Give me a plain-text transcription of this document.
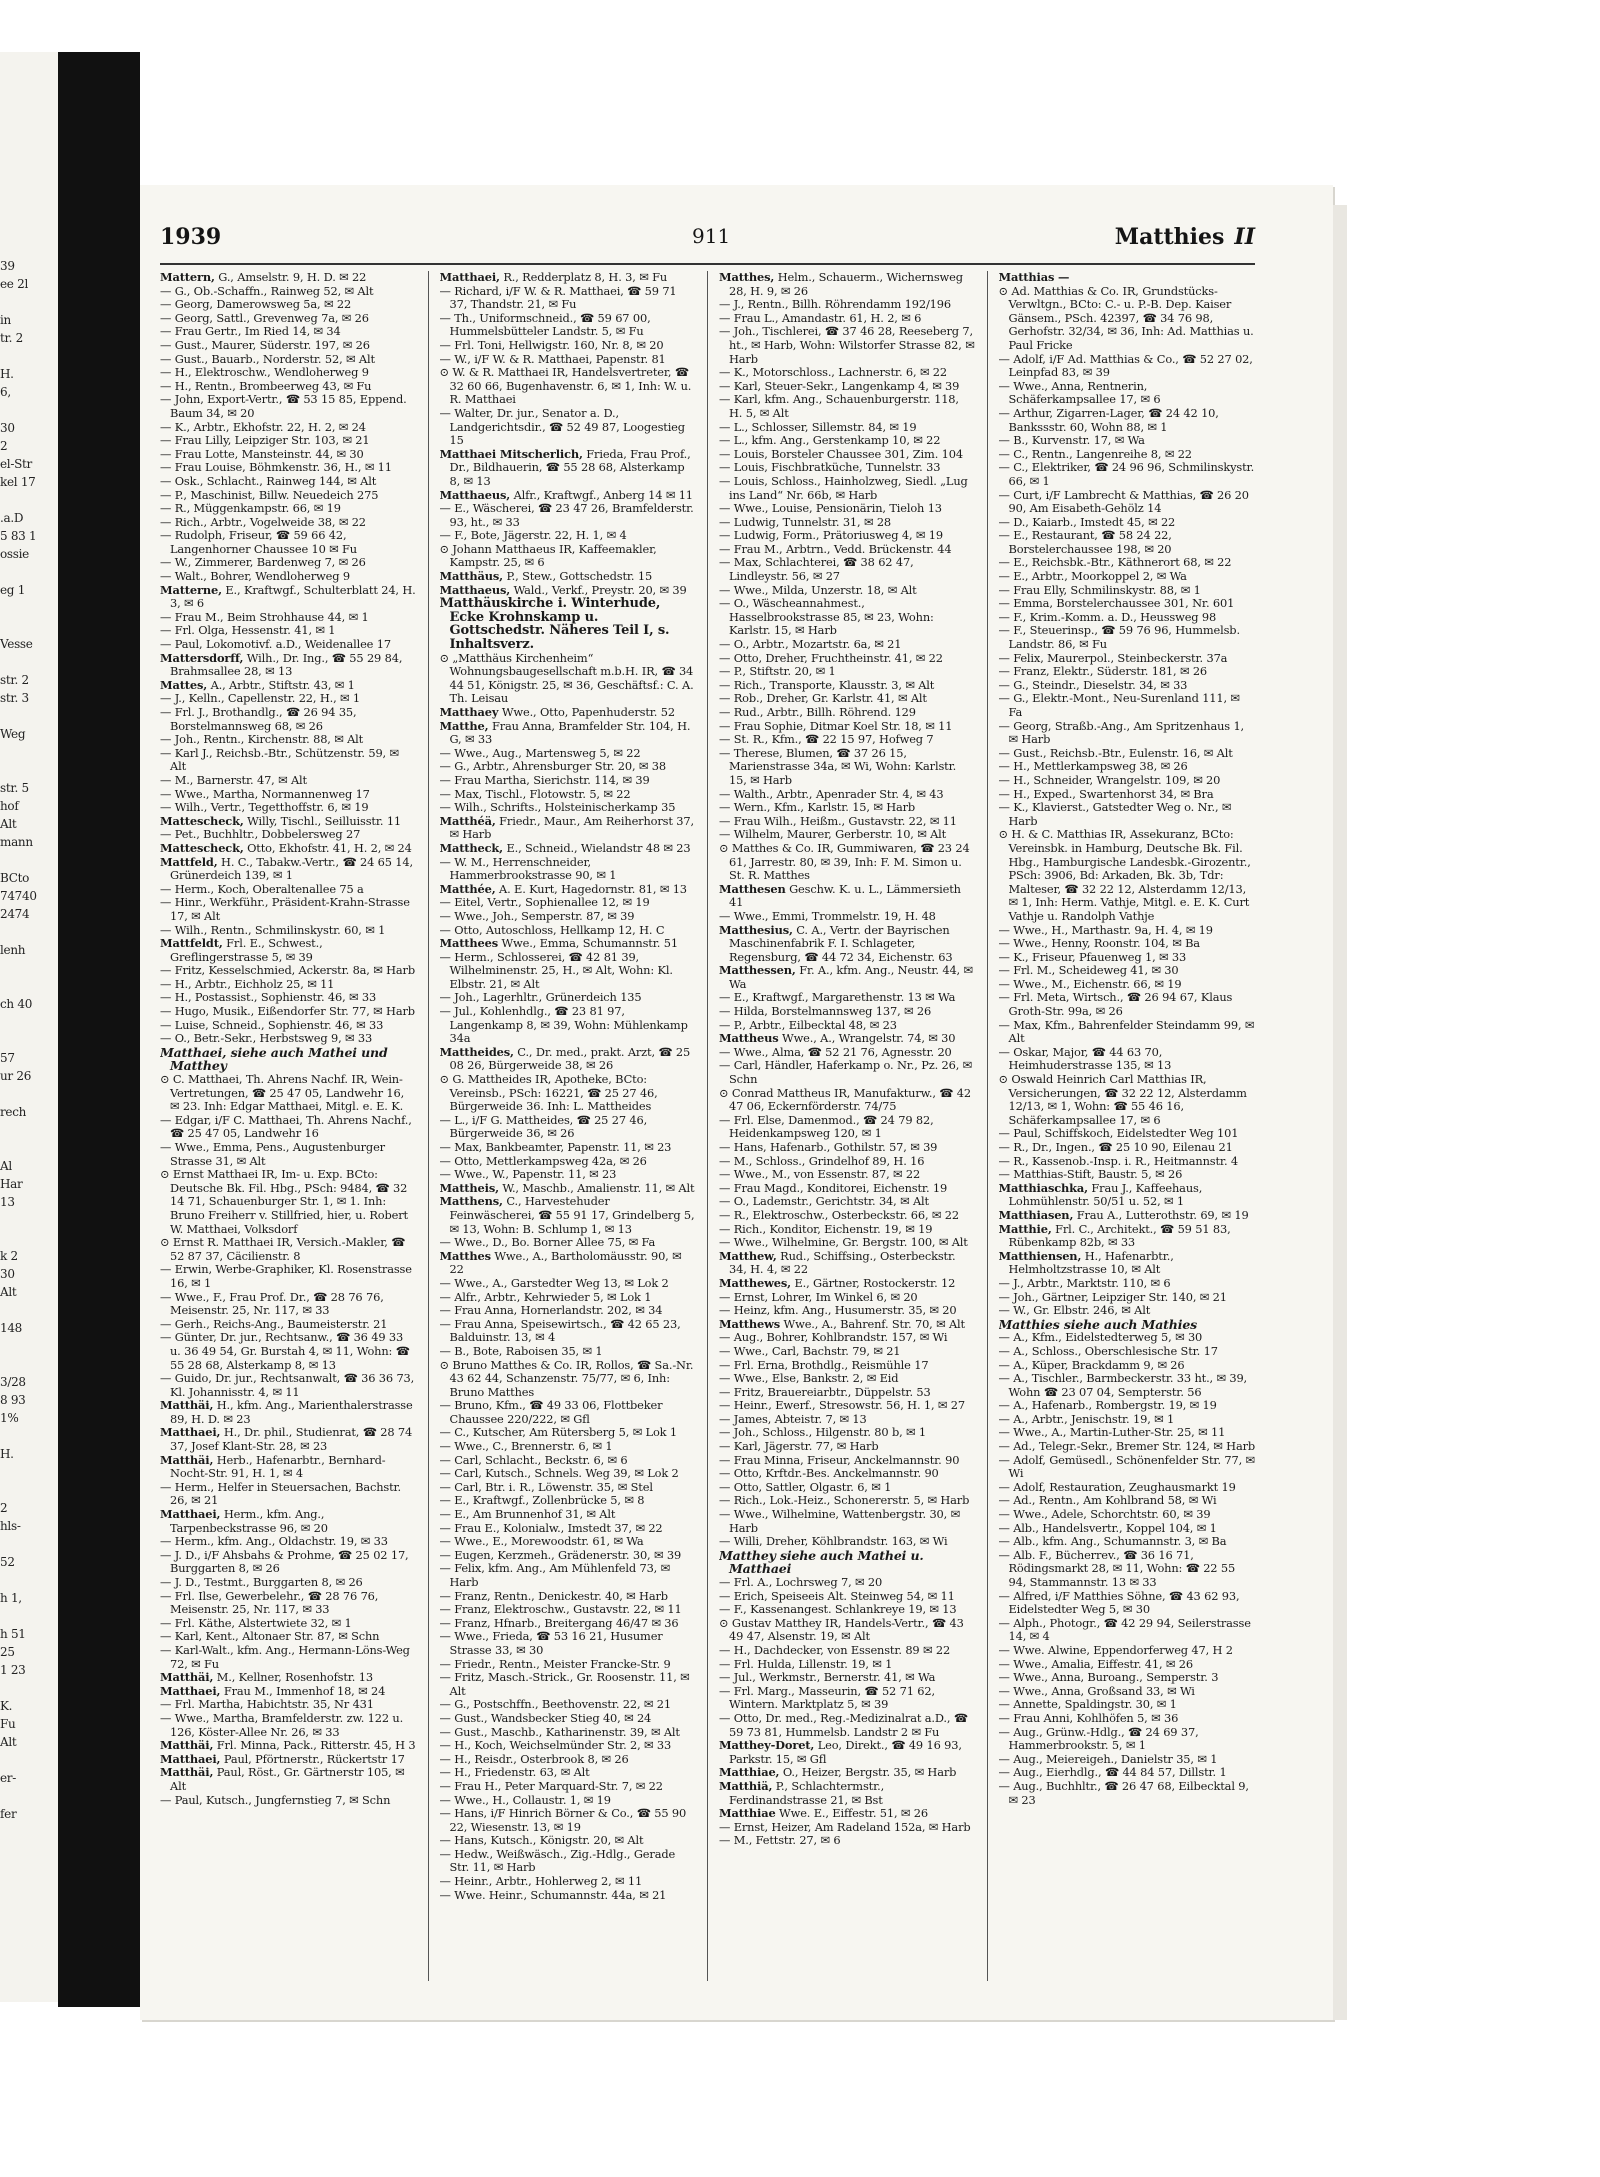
39
ee 2l

in
tr. 2

H.
6,

30
2
el-Str
kel 17

.a.D
5 83 1
ossie

eg 1

Vesse

str. 2
str. 3

Weg

str. 5
hof
Alt
mann

BCto
74740
2474

lenh

ch 40

57
ur 26

rech

Al
Har
13

k 2
30
Alt

148

3/28
8 93
1%

H.

2
hls-

52

h 1,

h 51
25
1 23

K.
Fu
Alt

er-

fer
1939	911	Matthies II

Mattern, G., Amselstr. 9, H. D. ✉ 22

— G., Ob.-Schaffn., Rainweg 52, ✉ Alt

— Georg, Damerowsweg 5a, ✉ 22

— Georg, Sattl., Grevenweg 7a, ✉ 26

— Frau Gertr., Im Ried 14, ✉ 34

— Gust., Maurer, Süderstr. 197, ✉ 26

— Gust., Bauarb., Norderstr. 52, ✉ Alt

— H., Elektroschw., Wendloherweg 9

— H., Rentn., Brombeerweg 43, ✉ Fu

— John, Export-Vertr., ☎ 53 15 85, Eppend. Baum 34, ✉ 20

— K., Arbtr., Ekhofstr. 22, H. 2, ✉ 24

— Frau Lilly, Leipziger Str. 103, ✉ 21

— Frau Lotte, Mansteinstr. 44, ✉ 30

— Frau Louise, Böhmkenstr. 36, H., ✉ 11

— Osk., Schlacht., Rainweg 144, ✉ Alt

— P., Maschinist, Billw. Neuedeich 275

— R., Müggenkampstr. 66, ✉ 19

— Rich., Arbtr., Vogelweide 38, ✉ 22

— Rudolph, Friseur, ☎ 59 66 42, Langenhorner Chaussee 10 ✉ Fu

— W., Zimmerer, Bardenweg 7, ✉ 26

— Walt., Bohrer, Wendloherweg 9

Matterne, E., Kraftwgf., Schulterblatt 24, H. 3, ✉ 6

— Frau M., Beim Strohhause 44, ✉ 1

— Frl. Olga, Hessenstr. 41, ✉ 1

— Paul, Lokomotivf. a.D., Weidenallee 17

Mattersdorff, Wilh., Dr. Ing., ☎ 55 29 84, Brahmsallee 28, ✉ 13

Mattes, A., Arbtr., Stiftstr. 43, ✉ 1

— J., Kelln., Capellenstr. 22, H., ✉ 1

— Frl. J., Brothandlg., ☎ 26 94 35, Borstelmannsweg 68, ✉ 26

— Joh., Rentn., Kirchenstr. 88, ✉ Alt

— Karl J., Reichsb.-Btr., Schützenstr. 59, ✉ Alt

— M., Barnerstr. 47, ✉ Alt

— Wwe., Martha, Normannenweg 17

— Wilh., Vertr., Tegetthoffstr. 6, ✉ 19

Mattescheck, Willy, Tischl., Seilluisstr. 11

— Pet., Buchhltr., Dobbelersweg 27

Mattescheck, Otto, Ekhofstr. 41, H. 2, ✉ 24

Mattfeld, H. C., Tabakw.-Vertr., ☎ 24 65 14, Grünerdeich 139, ✉ 1

— Herm., Koch, Oberaltenallee 75 a

— Hinr., Werkführ., Präsident-Krahn-Strasse 17, ✉ Alt

— Wilh., Rentn., Schmilinskystr. 60, ✉ 1

Mattfeldt, Frl. E., Schwest., Greflingerstrasse 5, ✉ 39

— Fritz, Kesselschmied, Ackerstr. 8a, ✉ Harb

— H., Arbtr., Eichholz 25, ✉ 11

— H., Postassist., Sophienstr. 46, ✉ 33

— Hugo, Musik., Eißendorfer Str. 77, ✉ Harb

— Luise, Schneid., Sophienstr. 46, ✉ 33

— O., Betr.-Sekr., Herbstsweg 9, ✉ 33

Matthaei, siehe auch Mathei und Matthey

⊙ C. Matthaei, Th. Ahrens Nachf. IR, Wein-Vertretungen, ☎ 25 47 05, Landwehr 16, ✉ 23. Inh: Edgar Matthaei, Mitgl. e. E. K.

— Edgar, i/F C. Matthaei, Th. Ahrens Nachf., ☎ 25 47 05, Landwehr 16

— Wwe., Emma, Pens., Augustenburger Strasse 31, ✉ Alt

⊙ Ernst Matthaei IR, Im- u. Exp. BCto: Deutsche Bk. Fil. Hbg., PSch: 9484, ☎ 32 14 71, Schauenburger Str. 1, ✉ 1. Inh: Bruno Freiherr v. Stillfried, hier, u. Robert W. Matthaei, Volksdorf

⊙ Ernst R. Matthaei IR, Versich.-Makler, ☎ 52 87 37, Cäcilienstr. 8

— Erwin, Werbe-Graphiker, Kl. Rosenstrasse 16, ✉ 1

— Wwe., F., Frau Prof. Dr., ☎ 28 76 76, Meisenstr. 25, Nr. 117, ✉ 33

— Gerh., Reichs-Ang., Baumeisterstr. 21

— Günter, Dr. jur., Rechtsanw., ☎ 36 49 33 u. 36 49 54, Gr. Burstah 4, ✉ 11, Wohn: ☎ 55 28 68, Alsterkamp 8, ✉ 13

— Guido, Dr. jur., Rechtsanwalt, ☎ 36 36 73, Kl. Johannisstr. 4, ✉ 11

Matthäi, H., kfm. Ang., Marienthalerstrasse 89, H. D. ✉ 23

Matthaei, H., Dr. phil., Studienrat, ☎ 28 74 37, Josef Klant-Str. 28, ✉ 23

Matthäi, Herb., Hafenarbtr., Bernhard-Nocht-Str. 91, H. 1, ✉ 4

— Herm., Helfer in Steuersachen, Bachstr. 26, ✉ 21

Matthaei, Herm., kfm. Ang., Tarpenbeckstrasse 96, ✉ 20

— Herm., kfm. Ang., Oldachstr. 19, ✉ 33

— J. D., i/F Ahsbahs & Prohme, ☎ 25 02 17, Burggarten 8, ✉ 26

— J. D., Testmt., Burggarten 8, ✉ 26

— Frl. Ilse, Gewerbelehr., ☎ 28 76 76, Meisenstr. 25, Nr. 117, ✉ 33

— Frl. Käthe, Alstertwiete 32, ✉ 1

— Karl, Kent., Altonaer Str. 87, ✉ Schn

— Karl-Walt., kfm. Ang., Hermann-Löns-Weg 72, ✉ Fu

Matthäi, M., Kellner, Rosenhofstr. 13

Matthaei, Frau M., Immenhof 18, ✉ 24

— Frl. Martha, Habichtstr. 35, Nr 431

— Wwe., Martha, Bramfelderstr. zw. 122 u. 126, Köster-Allee Nr. 26, ✉ 33

Matthäi, Frl. Minna, Pack., Ritterstr. 45, H 3

Matthaei, Paul, Pförtnerstr., Rückertstr 17

Matthäi, Paul, Röst., Gr. Gärtnerstr 105, ✉ Alt

— Paul, Kutsch., Jungfernstieg 7, ✉ Schn

Matthaei, R., Redderplatz 8, H. 3, ✉ Fu

— Richard, i/F W. & R. Matthaei, ☎ 59 71 37, Thandstr. 21, ✉ Fu

— Th., Uniformschneid., ☎ 59 67 00, Hummelsbütteler Landstr. 5, ✉ Fu

— Frl. Toni, Hellwigstr. 160, Nr. 8, ✉ 20

— W., i/F W. & R. Matthaei, Papenstr. 81

⊙ W. & R. Matthaei IR, Handelsvertreter, ☎ 32 60 66, Bugenhavenstr. 6, ✉ 1, Inh: W. u. R. Matthaei

— Walter, Dr. jur., Senator a. D., Landgerichtsdir., ☎ 52 49 87, Loogestieg 15

Matthaei Mitscherlich, Frieda, Frau Prof., Dr., Bildhauerin, ☎ 55 28 68, Alsterkamp 8, ✉ 13

Matthaeus, Alfr., Kraftwgf., Anberg 14 ✉ 11

— E., Wäscherei, ☎ 23 47 26, Bramfelderstr. 93, ht., ✉ 33

— F., Bote, Jägerstr. 22, H. 1, ✉ 4

⊙ Johann Matthaeus IR, Kaffeemakler, Kampstr. 25, ✉ 6

Matthäus, P., Stew., Gottschedstr. 15

Matthaeus, Wald., Verkf., Preystr. 20, ✉ 39

Matthäuskirche i. Winterhude, Ecke Krohnskamp u. Gottschedstr. Näheres Teil I, s. Inhaltsverz.

⊙ „Matthäus Kirchenheim“ Wohnungsbaugesellschaft m.b.H. IR, ☎ 34 44 51, Königstr. 25, ✉ 36, Geschäftsf.: C. A. Th. Leisau

Matthaey Wwe., Otto, Papenhuderstr. 52

Matthe, Frau Anna, Bramfelder Str. 104, H. G, ✉ 33

— Wwe., Aug., Martensweg 5, ✉ 22

— G., Arbtr., Ahrensburger Str. 20, ✉ 38

— Frau Martha, Sierichstr. 114, ✉ 39

— Max, Tischl., Flotowstr. 5, ✉ 22

— Wilh., Schrifts., Holsteinischerkamp 35

Matthéä, Friedr., Maur., Am Reiherhorst 37, ✉ Harb

Mattheck, E., Schneid., Wielandstr 48 ✉ 23

— W. M., Herrenschneider, Hammerbrookstrasse 90, ✉ 1

Matthée, A. E. Kurt, Hagedornstr. 81, ✉ 13

— Eitel, Vertr., Sophienallee 12, ✉ 19

— Wwe., Joh., Semperstr. 87, ✉ 39

— Otto, Autoschloss, Hellkamp 12, H. C

Matthees Wwe., Emma, Schumannstr. 51

— Herm., Schlosserei, ☎ 42 81 39, Wilhelminenstr. 25, H., ✉ Alt, Wohn: Kl. Elbstr. 21, ✉ Alt

— Joh., Lagerhltr., Grünerdeich 135

— Jul., Kohlenhdlg., ☎ 23 81 97, Langenkamp 8, ✉ 39, Wohn: Mühlenkamp 34a

Mattheides, C., Dr. med., prakt. Arzt, ☎ 25 08 26, Bürgerweide 38, ✉ 26

⊙ G. Mattheides IR, Apotheke, BCto: Vereinsb., PSch: 16221, ☎ 25 27 46, Bürgerweide 36. Inh: L. Mattheides

— L., i/F G. Mattheides, ☎ 25 27 46, Bürgerweide 36, ✉ 26

— Max, Bankbeamter, Papenstr. 11, ✉ 23

— Otto, Mettlerkampsweg 42a, ✉ 26

— Wwe., W., Papenstr. 11, ✉ 23

Mattheis, W., Maschb., Amalienstr. 11, ✉ Alt

Matthens, C., Harvestehuder Feinwäscherei, ☎ 55 91 17, Grindelberg 5, ✉ 13, Wohn: B. Schlump 1, ✉ 13

— Wwe., D., Bo. Borner Allee 75, ✉ Fa

Matthes Wwe., A., Bartholomäusstr. 90, ✉ 22

— Wwe., A., Garstedter Weg 13, ✉ Lok 2

— Alfr., Arbtr., Kehrwieder 5, ✉ Lok 1

— Frau Anna, Hornerlandstr. 202, ✉ 34

— Frau Anna, Speisewirtsch., ☎ 42 65 23, Balduinstr. 13, ✉ 4

— B., Bote, Raboisen 35, ✉ 1

⊙ Bruno Matthes & Co. IR, Rollos, ☎ Sa.-Nr. 43 62 44, Schanzenstr. 75/77, ✉ 6, Inh: Bruno Matthes

— Bruno, Kfm., ☎ 49 33 06, Flottbeker Chaussee 220/222, ✉ Gfl

— C., Kutscher, Am Rütersberg 5, ✉ Lok 1

— Wwe., C., Brennerstr. 6, ✉ 1

— Carl, Schlacht., Beckstr. 6, ✉ 6

— Carl, Kutsch., Schnels. Weg 39, ✉ Lok 2

— Carl, Btr. i. R., Löwenstr. 35, ✉ Stel

— E., Kraftwgf., Zollenbrücke 5, ✉ 8

— E., Am Brunnenhof 31, ✉ Alt

— Frau E., Kolonialw., Imstedt 37, ✉ 22

— Wwe., E., Morewoodstr. 61, ✉ Wa

— Eugen, Kerzmeh., Grädenerstr. 30, ✉ 39

— Felix, kfm. Ang., Am Mühlenfeld 73, ✉ Harb

— Franz, Rentn., Denickestr. 40, ✉ Harb

— Franz, Elektroschw., Gustavstr. 22, ✉ 11

— Franz, Hfnarb., Breitergang 46/47 ✉ 36

— Wwe., Frieda, ☎ 53 16 21, Husumer Strasse 33, ✉ 30

— Friedr., Rentn., Meister Francke-Str. 9

— Fritz, Masch.-Strick., Gr. Roosenstr. 11, ✉ Alt

— G., Postschffn., Beethovenstr. 22, ✉ 21

— Gust., Wandsbecker Stieg 40, ✉ 24

— Gust., Maschb., Katharinenstr. 39, ✉ Alt

— H., Koch, Weichselmünder Str. 2, ✉ 33

— H., Reisdr., Osterbrook 8, ✉ 26

— H., Friedenstr. 63, ✉ Alt

— Frau H., Peter Marquard-Str. 7, ✉ 22

— Wwe., H., Collaustr. 1, ✉ 19

— Hans, i/F Hinrich Börner & Co., ☎ 55 90 22, Wiesenstr. 13, ✉ 19

— Hans, Kutsch., Königstr. 20, ✉ Alt

— Hedw., Weißwäsch., Zig.-Hdlg., Gerade Str. 11, ✉ Harb

— Heinr., Arbtr., Hohlerweg 2, ✉ 11

— Wwe. Heinr., Schumannstr. 44a, ✉ 21

Matthes, Helm., Schauerm., Wichernsweg 28, H. 9, ✉ 26

— J., Rentn., Billh. Röhrendamm 192/196

— Frau L., Amandastr. 61, H. 2, ✉ 6

— Joh., Tischlerei, ☎ 37 46 28, Reeseberg 7, ht., ✉ Harb, Wohn: Wilstorfer Strasse 82, ✉ Harb

— K., Motorschloss., Lachnerstr. 6, ✉ 22

— Karl, Steuer-Sekr., Langenkamp 4, ✉ 39

— Karl, kfm. Ang., Schauenburgerstr. 118, H. 5, ✉ Alt

— L., Schlosser, Sillemstr. 84, ✉ 19

— L., kfm. Ang., Gerstenkamp 10, ✉ 22

— Louis, Borsteler Chaussee 301, Zim. 104

— Louis, Fischbratküche, Tunnelstr. 33

— Louis, Schloss., Hainholzweg, Siedl. „Lug ins Land“ Nr. 66b, ✉ Harb

— Wwe., Louise, Pensionärin, Tieloh 13

— Ludwig, Tunnelstr. 31, ✉ 28

— Ludwig, Form., Prätoriusweg 4, ✉ 19

— Frau M., Arbtrn., Vedd. Brückenstr. 44

— Max, Schlachterei, ☎ 38 62 47, Lindleystr. 56, ✉ 27

— Wwe., Milda, Unzerstr. 18, ✉ Alt

— O., Wäscheannahmest., Hasselbrookstrasse 85, ✉ 23, Wohn: Karlstr. 15, ✉ Harb

— O., Arbtr., Mozartstr. 6a, ✉ 21

— Otto, Dreher, Fruchtheinstr. 41, ✉ 22

— P., Stiftstr. 20, ✉ 1

— Rich., Transporte, Klausstr. 3, ✉ Alt

— Rob., Dreher, Gr. Karlstr. 41, ✉ Alt

— Rud., Arbtr., Billh. Röhrend. 129

— Frau Sophie, Ditmar Koel Str. 18, ✉ 11

— St. R., Kfm., ☎ 22 15 97, Hofweg 7

— Therese, Blumen, ☎ 37 26 15, Marienstrasse 34a, ✉ Wi, Wohn: Karlstr. 15, ✉ Harb

— Walth., Arbtr., Apenrader Str. 4, ✉ 43

— Wern., Kfm., Karlstr. 15, ✉ Harb

— Frau Wilh., Heißm., Gustavstr. 22, ✉ 11

— Wilhelm, Maurer, Gerberstr. 10, ✉ Alt

⊙ Matthes & Co. IR, Gummiwaren, ☎ 23 24 61, Jarrestr. 80, ✉ 39, Inh: F. M. Simon u. St. R. Matthes

Matthesen Geschw. K. u. L., Lämmersieth 41

— Wwe., Emmi, Trommelstr. 19, H. 48

Matthesius, C. A., Vertr. der Bayrischen Maschinenfabrik F. I. Schlageter, Regensburg, ☎ 44 72 34, Eichenstr. 63

Matthessen, Fr. A., kfm. Ang., Neustr. 44, ✉ Wa

— E., Kraftwgf., Margarethenstr. 13 ✉ Wa

— Hilda, Borstelmannsweg 137, ✉ 26

— P., Arbtr., Eilbecktal 48, ✉ 23

Mattheus Wwe., A., Wrangelstr. 74, ✉ 30

— Wwe., Alma, ☎ 52 21 76, Agnesstr. 20

— Carl, Händler, Haferkamp o. Nr., Pz. 26, ✉ Schn

⊙ Conrad Mattheus IR, Manufakturw., ☎ 42 47 06, Eckernförderstr. 74/75

— Frl. Else, Damenmod., ☎ 24 79 82, Heidenkampsweg 120, ✉ 1

— Hans, Hafenarb., Gothilstr. 57, ✉ 39

— M., Schloss., Grindelhof 89, H. 16

— Wwe., M., von Essenstr. 87, ✉ 22

— Frau Magd., Konditorei, Eichenstr. 19

— O., Lademstr., Gerichtstr. 34, ✉ Alt

— R., Elektroschw., Osterbeckstr. 66, ✉ 22

— Rich., Konditor, Eichenstr. 19, ✉ 19

— Wwe., Wilhelmine, Gr. Bergstr. 100, ✉ Alt

Matthew, Rud., Schiffsing., Osterbeckstr. 34, H. 4, ✉ 22

Matthewes, E., Gärtner, Rostockerstr. 12

— Ernst, Lohrer, Im Winkel 6, ✉ 20

— Heinz, kfm. Ang., Husumerstr. 35, ✉ 20

Matthews Wwe., A., Bahrenf. Str. 70, ✉ Alt

— Aug., Bohrer, Kohlbrandstr. 157, ✉ Wi

— Wwe., Carl, Bachstr. 79, ✉ 21

— Frl. Erna, Brothdlg., Reismühle 17

— Wwe., Else, Bankstr. 2, ✉ Eid

— Fritz, Brauereiarbtr., Düppelstr. 53

— Heinr., Ewerf., Stresowstr. 56, H. 1, ✉ 27

— James, Abteistr. 7, ✉ 13

— Joh., Schloss., Hilgenstr. 80 b, ✉ 1

— Karl, Jägerstr. 77, ✉ Harb

— Frau Minna, Friseur, Anckelmannstr. 90

— Otto, Krftdr.-Bes. Anckelmannstr. 90

— Otto, Sattler, Olgastr. 6, ✉ 1

— Rich., Lok.-Heiz., Schonererstr. 5, ✉ Harb

— Wwe., Wilhelmine, Wattenbergstr. 30, ✉ Harb

— Willi, Dreher, Köhlbrandstr. 163, ✉ Wi

Matthey siehe auch Mathei u. Matthaei

— Frl. A., Lochrsweg 7, ✉ 20

— Erich, Speiseeis Alt. Steinweg 54, ✉ 11

— F., Kassenangest. Schlankreye 19, ✉ 13

⊙ Gustav Matthey IR, Handels-Vertr., ☎ 43 49 47, Alsenstr. 19, ✉ Alt

— H., Dachdecker, von Essenstr. 89 ✉ 22

— Frl. Hulda, Lillenstr. 19, ✉ 1

— Jul., Werkmstr., Bernerstr. 41, ✉ Wa

— Frl. Marg., Masseurin, ☎ 52 71 62, Wintern. Marktplatz 5, ✉ 39

— Otto, Dr. med., Reg.-Medizinalrat a.D., ☎ 59 73 81, Hummelsb. Landstr 2 ✉ Fu

Matthey-Doret, Leo, Direkt., ☎ 49 16 93, Parkstr. 15, ✉ Gfl

Matthiae, O., Heizer, Bergstr. 35, ✉ Harb

Matthiä, P., Schlachtermstr., Ferdinandstrasse 21, ✉ Bst

Matthiae Wwe. E., Eiffestr. 51, ✉ 26

— Ernst, Heizer, Am Radeland 152a, ✉ Harb

— M., Fettstr. 27, ✉ 6

Matthias —

⊙ Ad. Matthias & Co. IR, Grundstücks-Verwltgn., BCto: C.- u. P.-B. Dep. Kaiser Gänsem., PSch. 42397, ☎ 34 76 98, Gerhofstr. 32/34, ✉ 36, Inh: Ad. Matthias u. Paul Fricke

— Adolf, i/F Ad. Matthias & Co., ☎ 52 27 02, Leinpfad 83, ✉ 39

— Wwe., Anna, Rentnerin, Schäferkampsallee 17, ✉ 6

— Arthur, Zigarren-Lager, ☎ 24 42 10, Bankssstr. 60, Wohn 88, ✉ 1

— B., Kurvenstr. 17, ✉ Wa

— C., Rentn., Langenreihe 8, ✉ 22

— C., Elektriker, ☎ 24 96 96, Schmilinskystr. 66, ✉ 1

— Curt, i/F Lambrecht & Matthias, ☎ 26 20 90, Am Eisabeth-Gehölz 14

— D., Kaiarb., Imstedt 45, ✉ 22

— E., Restaurant, ☎ 58 24 22, Borstelerchaussee 198, ✉ 20

— E., Reichsbk.-Btr., Käthnerort 68, ✉ 22

— E., Arbtr., Moorkoppel 2, ✉ Wa

— Frau Elly, Schmilinskystr. 88, ✉ 1

— Emma, Borstelerchaussee 301, Nr. 601

— F., Krim.-Komm. a. D., Heussweg 98

— F., Steuerinsp., ☎ 59 76 96, Hummelsb. Landstr. 86, ✉ Fu

— Felix, Maurerpol., Steinbeckerstr. 37a

— Franz, Elektr., Süderstr. 181, ✉ 26

— G., Steindr., Dieselstr. 34, ✉ 33

— G., Elektr.-Mont., Neu-Surenland 111, ✉ Fa

— Georg, Straßb.-Ang., Am Spritzenhaus 1, ✉ Harb

— Gust., Reichsb.-Btr., Eulenstr. 16, ✉ Alt

— H., Mettlerkampsweg 38, ✉ 26

— H., Schneider, Wrangelstr. 109, ✉ 20

— H., Exped., Swartenhorst 34, ✉ Bra

— K., Klavierst., Gatstedter Weg o. Nr., ✉ Harb

⊙ H. & C. Matthias IR, Assekuranz, BCto: Vereinsbk. in Hamburg, Deutsche Bk. Fil. Hbg., Hamburgische Landesbk.-Girozentr., PSch: 3906, Bd: Arkaden, Bk. 3b, Tdr: Malteser, ☎ 32 22 12, Alsterdamm 12/13, ✉ 1, Inh: Herm. Vathje, Mitgl. e. E. K. Curt Vathje u. Randolph Vathje

— Wwe., H., Marthastr. 9a, H. 4, ✉ 19

— Wwe., Henny, Roonstr. 104, ✉ Ba

— K., Friseur, Pfauenweg 1, ✉ 33

— Frl. M., Scheideweg 41, ✉ 30

— Wwe., M., Eichenstr. 66, ✉ 19

— Frl. Meta, Wirtsch., ☎ 26 94 67, Klaus Groth-Str. 99a, ✉ 26

— Max, Kfm., Bahrenfelder Steindamm 99, ✉ Alt

— Oskar, Major, ☎ 44 63 70, Heimhuderstrasse 135, ✉ 13

⊙ Oswald Heinrich Carl Matthias IR, Versicherungen, ☎ 32 22 12, Alsterdamm 12/13, ✉ 1, Wohn: ☎ 55 46 16, Schäferkampsallee 17, ✉ 6

— Paul, Schiffskoch, Eidelstedter Weg 101

— R., Dr., Ingen., ☎ 25 10 90, Eilenau 21

— R., Kassenob.-Insp. i. R., Heitmannstr. 4

— Matthias-Stift, Baustr. 5, ✉ 26

Matthiaschka, Frau J., Kaffeehaus, Lohmühlenstr. 50/51 u. 52, ✉ 1

Matthiasen, Frau A., Lutterothstr. 69, ✉ 19

Matthie, Frl. C., Architekt., ☎ 59 51 83, Rübenkamp 82b, ✉ 33

Matthiensen, H., Hafenarbtr., Helmholtzstrasse 10, ✉ Alt

— J., Arbtr., Marktstr. 110, ✉ 6

— Joh., Gärtner, Leipziger Str. 140, ✉ 21

— W., Gr. Elbstr. 246, ✉ Alt

Matthies siehe auch Mathies

— A., Kfm., Eidelstedterweg 5, ✉ 30

— A., Schloss., Oberschlesische Str. 17

— A., Küper, Brackdamm 9, ✉ 26

— A., Tischler., Barmbeckerstr. 33 ht., ✉ 39, Wohn ☎ 23 07 04, Sempterstr. 56

— A., Hafenarb., Rombergstr. 19, ✉ 19

— A., Arbtr., Jenischstr. 19, ✉ 1

— Wwe., A., Martin-Luther-Str. 25, ✉ 11

— Ad., Telegr.-Sekr., Bremer Str. 124, ✉ Harb

— Adolf, Gemüsedl., Schönenfelder Str. 77, ✉ Wi

— Adolf, Restauration, Zeughausmarkt 19

— Ad., Rentn., Am Kohlbrand 58, ✉ Wi

— Wwe., Adele, Schorchtstr. 60, ✉ 39

— Alb., Handelsvertr., Koppel 104, ✉ 1

— Alb., kfm. Ang., Schumannstr. 3, ✉ Ba

— Alb. F., Bücherrev., ☎ 36 16 71, Rödingsmarkt 28, ✉ 11, Wohn: ☎ 22 55 94, Stammannstr. 13 ✉ 33

— Alfred, i/F Matthies Söhne, ☎ 43 62 93, Eidelstedter Weg 5, ✉ 30

— Alph., Photogr., ☎ 42 29 94, Seilerstrasse 14, ✉ 4

— Wwe. Alwine, Eppendorferweg 47, H 2

— Wwe., Amalia, Eiffestr. 41, ✉ 26

— Wwe., Anna, Buroang., Semperstr. 3

— Wwe., Anna, Großsand 33, ✉ Wi

— Annette, Spaldingstr. 30, ✉ 1

— Frau Anni, Kohlhöfen 5, ✉ 36

— Aug., Grünw.-Hdlg., ☎ 24 69 37, Hammerbrookstr. 5, ✉ 1

— Aug., Meiereigeh., Danielstr 35, ✉ 1

— Aug., Eierhdlg., ☎ 44 84 57, Dillstr. 1

— Aug., Buchhltr., ☎ 26 47 68, Eilbecktal 9, ✉ 23
